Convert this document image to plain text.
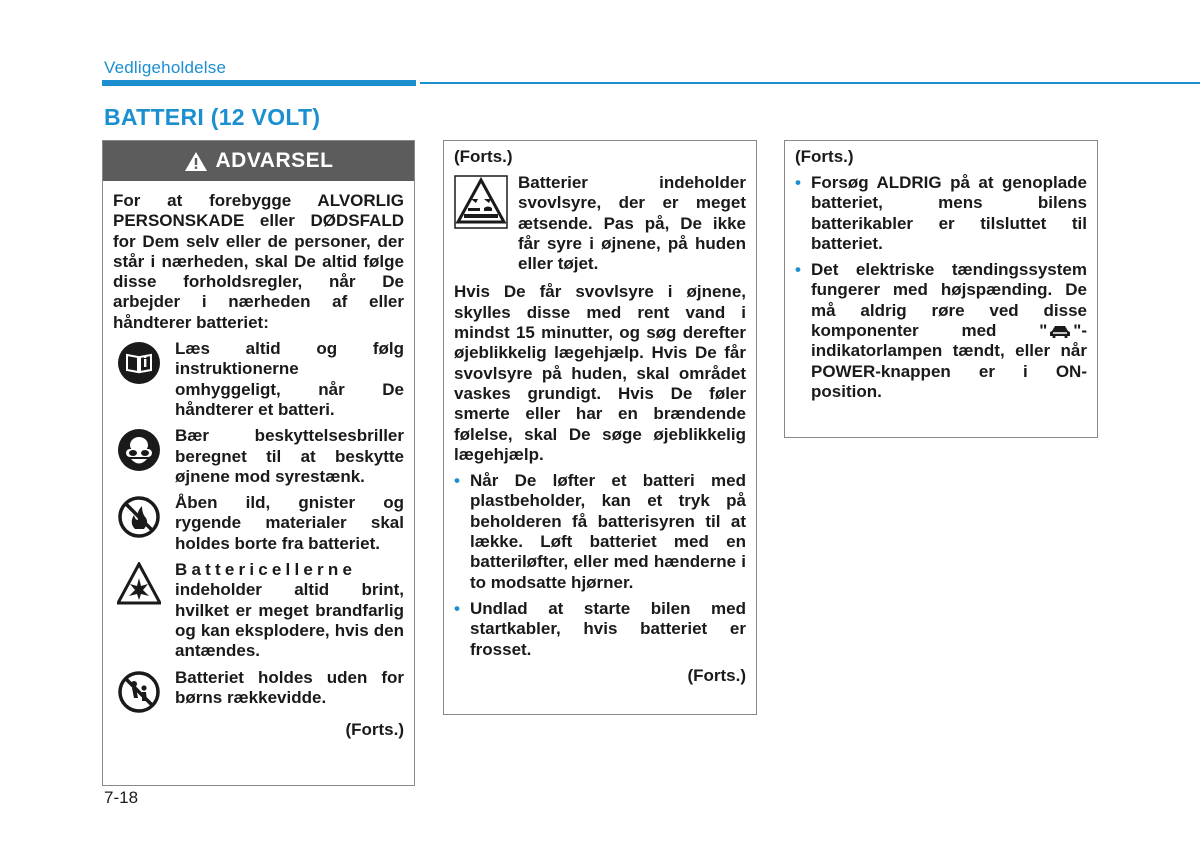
Vedligeholdelse
BATTERI (12 VOLT)
ADVARSEL

For at forebygge ALVORLIG PERSONSKADE eller DØDSFALD for Dem selv eller de personer, der står i nærheden, skal De altid følge disse forholdsregler, når De arbejder i nærheden af eller håndterer batteriet:

Læs altid og følg instruktionerne omhyggeligt, når De håndterer et batteri.

Bær beskyttelsesbriller beregnet til at beskytte øjnene mod syrestænk.

Åben ild, gnister og rygende materialer skal holdes borte fra batteriet.

Battericellerne indeholder altid brint, hvilket er meget brandfarlig og kan eksplodere, hvis den antændes.

Batteriet holdes uden for børns rækkevidde.

(Forts.)
(Forts.)

Batterier indeholder svovlsyre, der er meget ætsende. Pas på, De ikke får syre i øjnene, på huden eller tøjet.

Hvis De får svovlsyre i øjnene, skylles disse med rent vand i mindst 15 minutter, og søg derefter øjeblikkelig lægehjælp. Hvis De får svovlsyre på huden, skal området vaskes grundigt. Hvis De føler smerte eller har en brændende følelse, skal De søge øjeblikkelig lægehjælp.

• Når De løfter et batteri med plastbeholder, kan et tryk på beholderen få batterisyren til at lække. Løft batteriet med en batteriløfter, eller med hænderne i to modsatte hjørner.

• Undlad at starte bilen med startkabler, hvis batteriet er frosset.

(Forts.)
(Forts.)
• Forsøg ALDRIG på at genoplade batteriet, mens bilens batterikabler er tilsluttet til batteriet.

• Det elektriske tændingssystem fungerer med højspænding. De må aldrig røre ved disse komponenter med " "-indikatorlampen tændt, eller når POWER-knappen er i ON-position.

7-18
